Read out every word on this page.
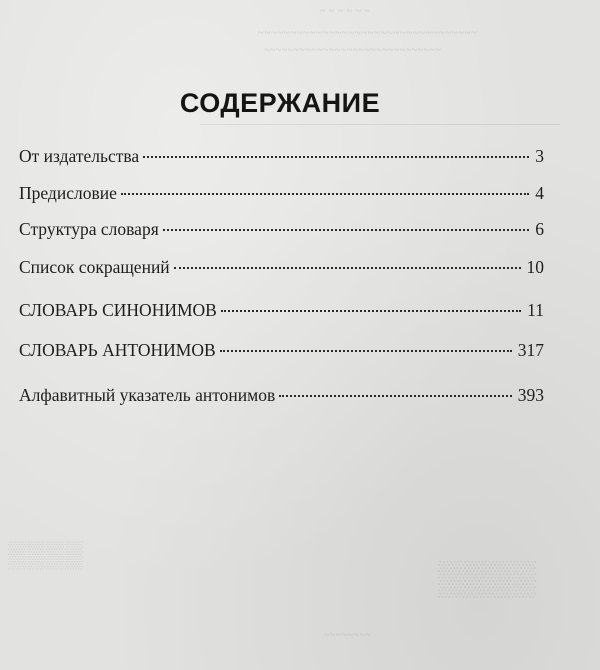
~ ~ ~ ~ ~ ~
~~~~~~~~~~~~~~~~~~~~~~~~~~~~~~~~~~
~~~~~~~~~~~~~~~~~~~~~~~~~~~~~~
▒▒▒▒
▒▒▒▒
~~~~~~~~
СОДЕРЖАНИЕ
От издательства	3
Предисловие	4
Структура словаря	6
Список сокращений	10
СЛОВАРЬ СИНОНИМОВ	11
СЛОВАРЬ АНТОНИМОВ	317
Алфавитный указатель антонимов	393
